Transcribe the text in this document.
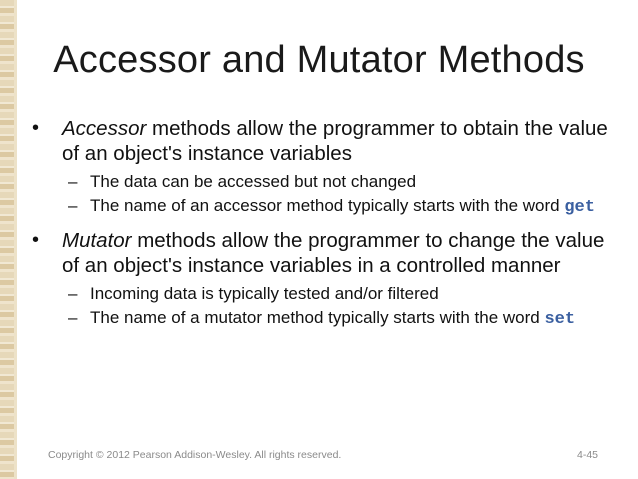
Accessor and Mutator Methods
• Accessor methods allow the programmer to obtain the value of an object's instance variables
– The data can be accessed but not changed
– The name of an accessor method typically starts with the word get
• Mutator methods allow the programmer to change the value of an object's instance variables in a controlled manner
– Incoming data is typically tested and/or filtered
– The name of a mutator method typically starts with the word set
Copyright © 2012 Pearson Addison-Wesley. All rights reserved.	4-45
